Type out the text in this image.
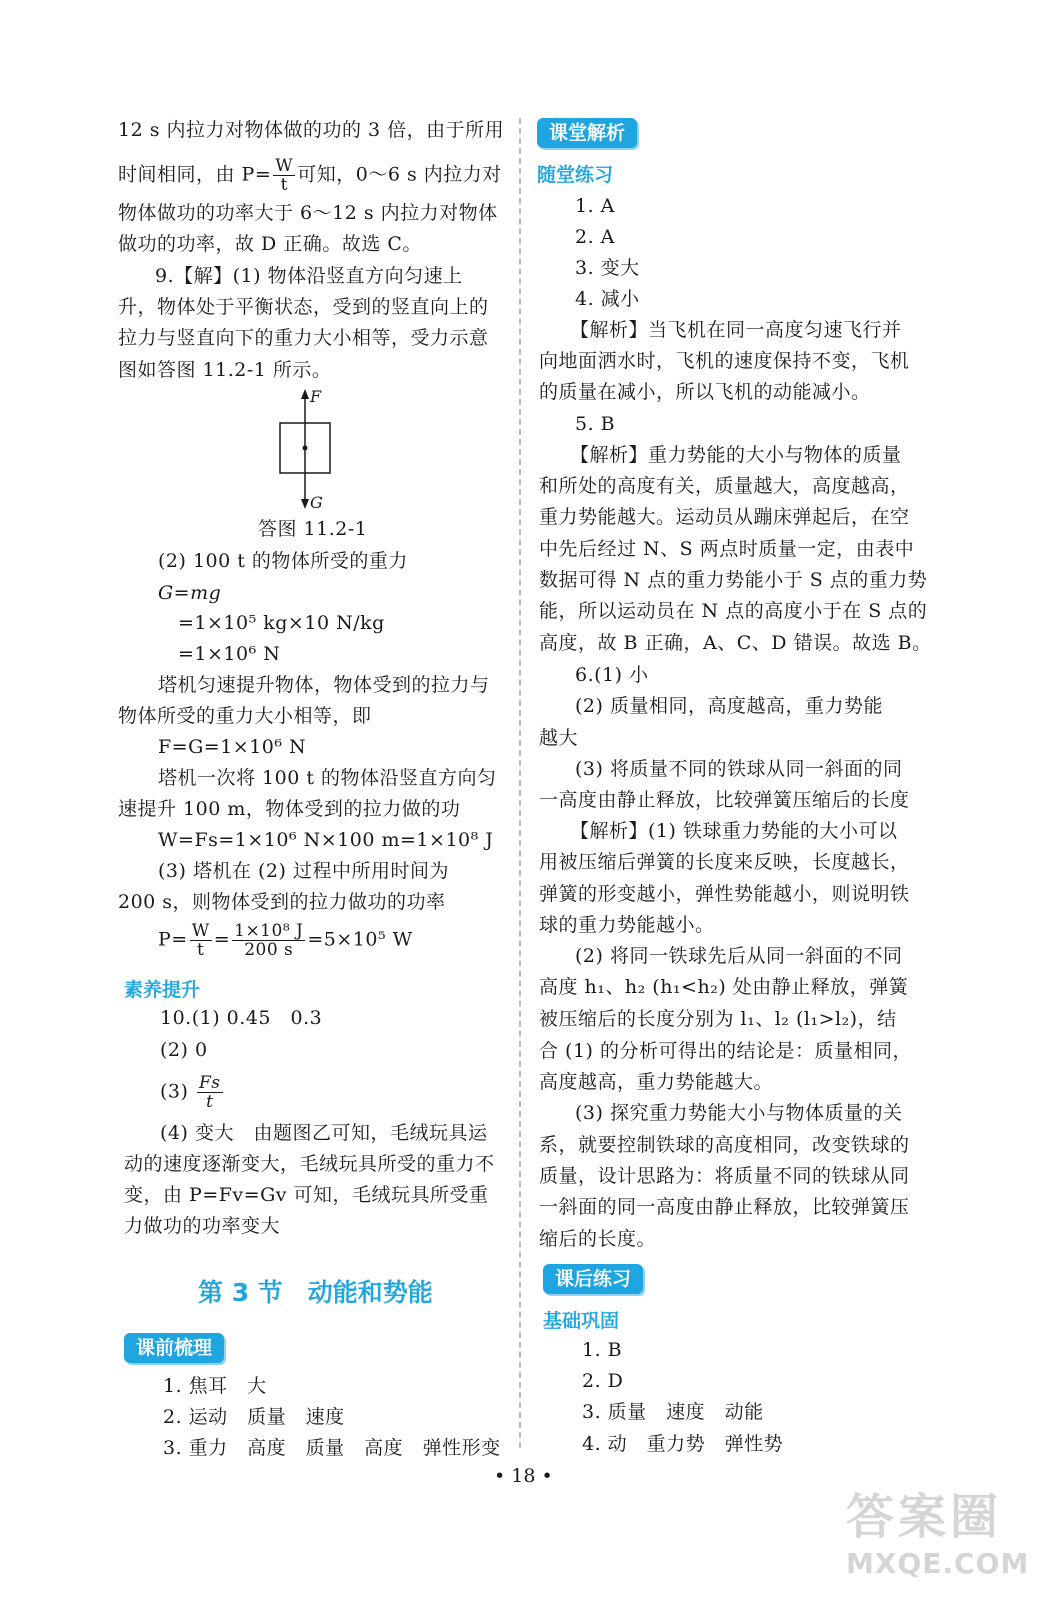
12 s 内拉力对物体做的功的 3 倍，由于所用
时间相同，由 $P= \frac{W}{t}$ 可知，0～6 s 内拉力对
物体做功的功率大于 6～12 s 内拉力对物体
做功的功率，故 D 正确。故选 C。
9.【解】(1) 物体沿竖直方向匀速上
升，物体处于平衡状态，受到的竖直向上的
拉力与竖直向下的重力大小相等，受力示意
图如答图 11.2-1 所示。
F
G
答图 11.2-1
(2) 100 t 的物体所受的重力
G=mg
=1×10⁵ kg×10 N/kg
=1×10⁶ N
塔机匀速提升物体，物体受到的拉力与
物体所受的重力大小相等，即
F=G=1×10⁶ N
塔机一次将 100 t 的物体沿竖直方向匀
速提升 100 m，物体受到的拉力做的功
W=Fs=1×10⁶ N×100 m=1×10⁸ J
(3) 塔机在 (2) 过程中所用时间为
200 s，则物体受到的拉力做功的功率
$P= \frac{W}{t} = \frac{\text{1×10⁸ J}}{200 s} =5\times 10^5$ W
素养提升
10.(1) 0.45　0.3
(2) 0
$(3) \frac{Fs}{t}$
(4) 变大　由题图乙可知，毛绒玩具运
动的速度逐渐变大，毛绒玩具所受的重力不
变，由 P=Fv=Gv 可知，毛绒玩具所受重
力做功的功率变大
第 3 节　动能和势能
课前梳理
1. 焦耳　大
2. 运动　质量　速度
3. 重力　高度　质量　高度　弹性形变
课堂解析
随堂练习
1. A
2. A
3. 变大
4. 减小
【解析】当飞机在同一高度匀速飞行并
向地面洒水时，飞机的速度保持不变，飞机
的质量在减小，所以飞机的动能减小。
5. B
【解析】重力势能的大小与物体的质量
和所处的高度有关，质量越大，高度越高，
重力势能越大。运动员从蹦床弹起后，在空
中先后经过 N、S 两点时质量一定，由表中
数据可得 N 点的重力势能小于 S 点的重力势
能，所以运动员在 N 点的高度小于在 S 点的
高度，故 B 正确，A、C、D 错误。故选 B。
6.(1) 小
(2) 质量相同，高度越高，重力势能
越大
(3) 将质量不同的铁球从同一斜面的同
一高度由静止释放，比较弹簧压缩后的长度
【解析】(1) 铁球重力势能的大小可以
用被压缩后弹簧的长度来反映，长度越长，
弹簧的形变越小，弹性势能越小，则说明铁
球的重力势能越小。
(2) 将同一铁球先后从同一斜面的不同
高度 h₁、h₂ (h₁<h₂) 处由静止释放，弹簧
被压缩后的长度分别为 l₁、l₂ (l₁>l₂)，结
合 (1) 的分析可得出的结论是：质量相同，
高度越高，重力势能越大。
(3) 探究重力势能大小与物体质量的关
系，就要控制铁球的高度相同，改变铁球的
质量，设计思路为：将质量不同的铁球从同
一斜面的同一高度由静止释放，比较弹簧压
缩后的长度。
课后练习
基础巩固
1. B
2. D
3. 质量　速度　动能
4. 动　重力势　弹性势
• 18 •
答案圈
MXQE.COM
